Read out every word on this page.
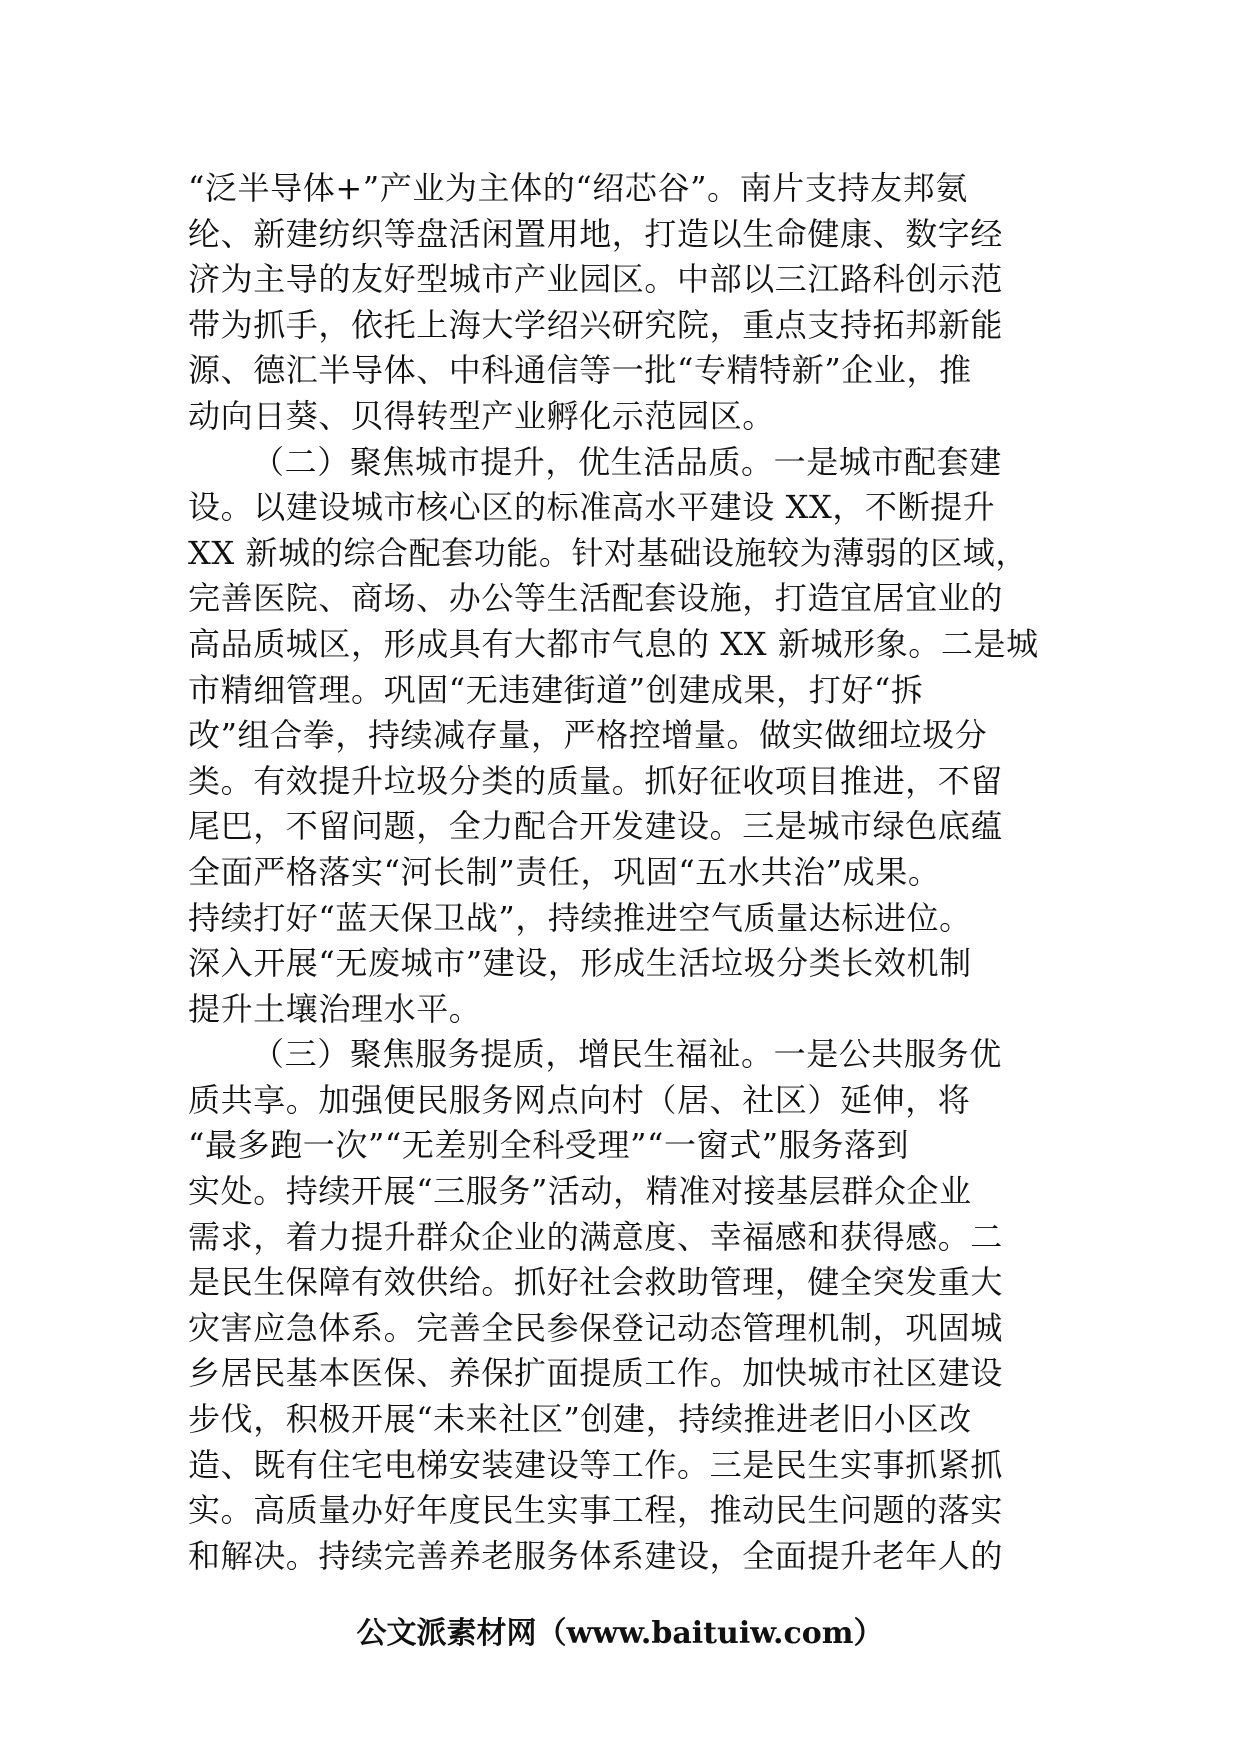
“泛半导体+”产业为主体的“绍芯谷”。南片支持友邦氨
纶、新建纺织等盘活闲置用地，打造以生命健康、数字经
济为主导的友好型城市产业园区。中部以三江路科创示范
带为抓手，依托上海大学绍兴研究院，重点支持拓邦新能
源、德汇半导体、中科通信等一批“专精特新”企业，推
动向日葵、贝得转型产业孵化示范园区。
（二）聚焦城市提升，优生活品质。一是城市配套建
设。以建设城市核心区的标准高水平建设 XX，不断提升
XX 新城的综合配套功能。针对基础设施较为薄弱的区域，
完善医院、商场、办公等生活配套设施，打造宜居宜业的
高品质城区，形成具有大都市气息的 XX 新城形象。二是城
市精细管理。巩固“无违建街道”创建成果，打好“拆
改”组合拳，持续减存量，严格控增量。做实做细垃圾分
类。有效提升垃圾分类的质量。抓好征收项目推进，不留
尾巴，不留问题，全力配合开发建设。三是城市绿色底蕴
全面严格落实“河长制”责任，巩固“五水共治”成果。
持续打好“蓝天保卫战”，持续推进空气质量达标进位。
深入开展“无废城市”建设，形成生活垃圾分类长效机制
提升土壤治理水平。
（三）聚焦服务提质，增民生福祉。一是公共服务优
质共享。加强便民服务网点向村（居、社区）延伸，将
“最多跑一次”“无差别全科受理”“一窗式”服务落到
实处。持续开展“三服务”活动，精准对接基层群众企业
需求，着力提升群众企业的满意度、幸福感和获得感。二
是民生保障有效供给。抓好社会救助管理，健全突发重大
灾害应急体系。完善全民参保登记动态管理机制，巩固城
乡居民基本医保、养保扩面提质工作。加快城市社区建设
步伐，积极开展“未来社区”创建，持续推进老旧小区改
造、既有住宅电梯安装建设等工作。三是民生实事抓紧抓
实。高质量办好年度民生实事工程，推动民生问题的落实
和解决。持续完善养老服务体系建设，全面提升老年人的
公文派素材网（www.baituiw.com）
